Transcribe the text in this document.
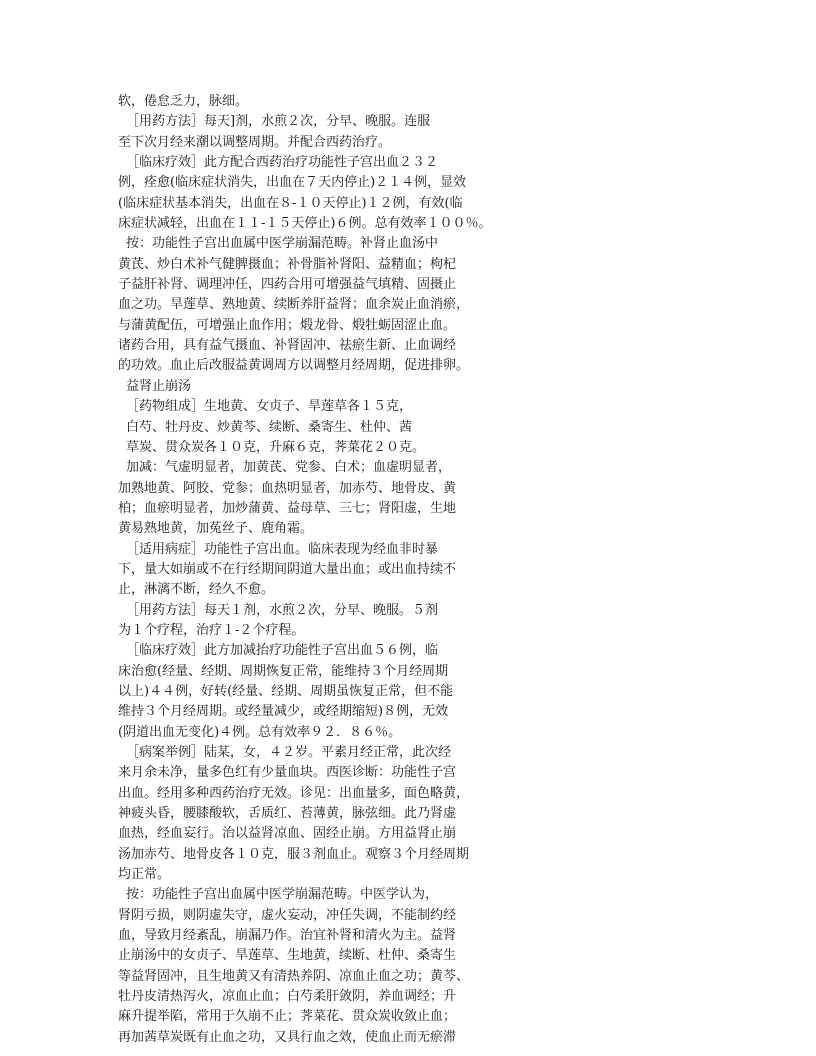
软，倦怠乏力，脉细。
［用药方法］每天]剂，水煎２次，分早、晚服。连服
至下次月经来潮以调整周期。并配合西药治疗。
［临床疗效］此方配合西药治疗功能性子宫出血２３２
例，痊愈(临床症状消失，出血在７天内停止)２１４例，显效
(临床症状基本消失，出血在８-１０天停止)１２例，有效(临
床症状减轻，出血在１１-１５天停止)６例。总有效率１００％。
按：功能性子宫出血属中医学崩漏范畴。补肾止血汤中
黄芪、炒白术补气健脾摄血；补骨脂补肾阳、益精血；枸杞
子益肝补肾、调理冲任，四药合用可增强益气填精、固摄止
血之功。旱莲草、熟地黄、续断养肝益肾；血余炭止血消瘀，
与蒲黄配伍，可增强止血作用；煅龙骨、煅牡蛎固涩止血。
诸药合用，具有益气摄血、补肾固冲、祛瘀生新、止血调经
的功效。血止后改服益黄调周方以调整月经周期，促进排卵。
益肾止崩汤
［药物组成］生地黄、女贞子、旱莲草各１５克，
白芍、牡丹皮、炒黄芩、续断、桑寄生、杜仲、茜
草炭、贯众炭各１０克，升麻６克，荠菜花２０克。
加减：气虚明显者，加黄芪、党参、白术；血虚明显者，
加熟地黄、阿胶、党参；血热明显者，加赤芍、地骨皮、黄
柏；血瘀明显者，加炒蒲黄、益母草、三七；肾阳虚，生地
黄易熟地黄，加菟丝子、鹿角霜。
［适用病症］功能性子宫出血。临床表现为经血非时暴
下，量大如崩或不在行经期间阴道大量出血；或出血持续不
止，淋漓不断，经久不愈。
［用药方法］每天１剂，水煎２次，分早、晚服。５剂
为１个疗程，治疗１-２个疗程。
［临床疗效］此方加减抬疗功能性子宫出血５６例，临
床治愈(经量、经期、周期恢复正常，能维持３个月经周期
以上)４４例，好转(经量、经期、周期虽恢复正常，但不能
维持３个月经周期。或经量减少，或经期缩短)８例，无效
(阴道出血无变化)４例。总有效率９２．８６％。
［病案举例］陆某，女，４２岁。平素月经正常，此次经
来月余未净，量多色红有少量血块。西医诊断：功能性子宫
出血。经用多种西药治疗无效。诊见：出血量多，面色略黄，
神疲头昏，腰膝酸软，舌质红、苔薄黄，脉弦细。此乃肾虚
血热，经血妄行。治以益肾凉血、固经止崩。方用益肾止崩
汤加赤芍、地骨皮各１０克，服３剂血止。观察３个月经周期
均正常。
按：功能性子宫出血属中医学崩漏范畴。中医学认为，
肾阴亏损，则阴虚失守，虚火妄动，冲任失调，不能制约经
血，导致月经紊乱，崩漏乃作。治宜补肾和清火为主。益肾
止崩汤中的女贞子、旱莲草、生地黄，续断、杜仲、桑寄生
等益肾固冲，且生地黄又有清热养阴、凉血止血之功；黄芩、
牡丹皮清热泻火，凉血止血；白芍柔肝敛阴，养血调经；升
麻升提举陷，常用于久崩不止；荠菜花、贯众炭收敛止血；
再加茜草炭既有止血之功，又具行血之效，使血止而无瘀滞
